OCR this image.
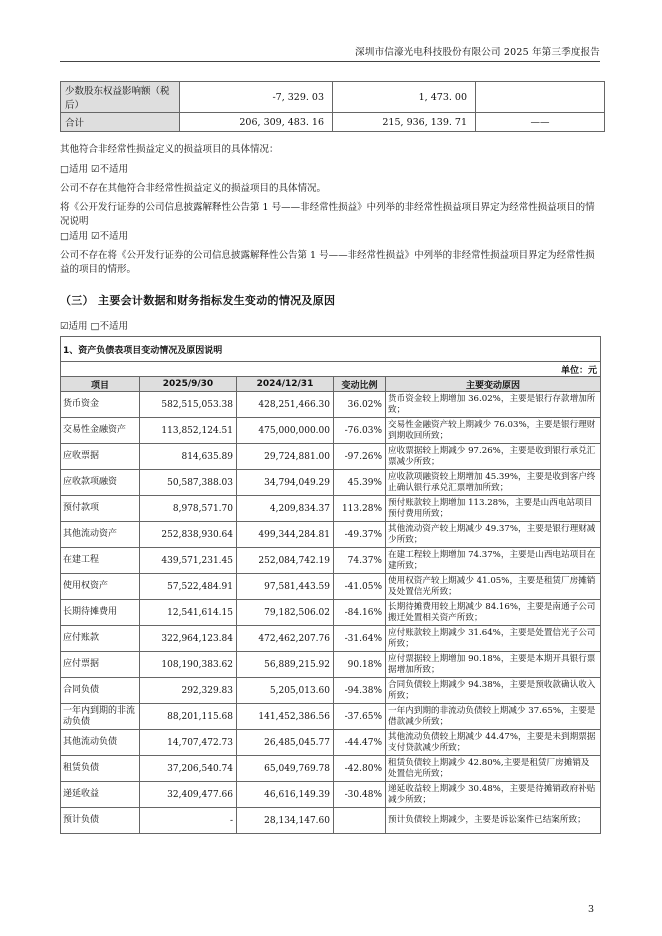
深圳市信濠光电科技股份有限公司 2025 年第三季度报告
少数股东权益影响额（税后）	-7, 329. 03	1, 473. 00	
合计	206, 309, 483. 16	215, 936, 139. 71	——
其他符合非经常性损益定义的损益项目的具体情况：
□适用 ☑不适用
公司不存在其他符合非经常性损益定义的损益项目的具体情况。
将《公开发行证券的公司信息披露解释性公告第 1 号——非经常性损益》中列举的非经常性损益项目界定为经常性损益项目的情况说明
□适用 ☑不适用
公司不存在将《公开发行证券的公司信息披露解释性公告第 1 号——非经常性损益》中列举的非经常性损益项目界定为经常性损益的项目的情形。
（三） 主要会计数据和财务指标发生变动的情况及原因
☑适用 □不适用
1、资产负债表项目变动情况及原因说明				
单位：元				
项目	2025/9/30	2024/12/31	变动比例	主要变动原因
货币资金	582,515,053.38	428,251,466.30	36.02%	货币资金较上期增加 36.02%，主要是银行存款增加所致；
交易性金融资产	113,852,124.51	475,000,000.00	-76.03%	交易性金融资产较上期减少 76.03%，主要是银行理财到期收回所致；
应收票据	814,635.89	29,724,881.00	-97.26%	应收票据较上期减少 97.26%，主要是收到银行承兑汇票减少所致；
应收款项融资	50,587,388.03	34,794,049.29	45.39%	应收款项融资较上期增加 45.39%，主要是收到客户终止确认银行承兑汇票增加所致；
预付款项	8,978,571.70	4,209,834.37	113.28%	预付账款较上期增加 113.28%，主要是山西电站项目预付费用所致；
其他流动资产	252,838,930.64	499,344,284.81	-49.37%	其他流动资产较上期减少 49.37%，主要是银行理财减少所致；
在建工程	439,571,231.45	252,084,742.19	74.37%	在建工程较上期增加 74.37%，主要是山西电站项目在建所致；
使用权资产	57,522,484.91	97,581,443.59	-41.05%	使用权资产较上期减少 41.05%，主要是租赁厂房摊销及处置信光所致；
长期待摊费用	12,541,614.15	79,182,506.02	-84.16%	长期待摊费用较上期减少 84.16%，主要是南通子公司搬迁处置相关资产所致；
应付账款	322,964,123.84	472,462,207.76	-31.64%	应付账款较上期减少 31.64%，主要是处置信光子公司所致；
应付票据	108,190,383.62	56,889,215.92	90.18%	应付票据较上期增加 90.18%，主要是本期开具银行票据增加所致；
合同负债	292,329.83	5,205,013.60	-94.38%	合同负债较上期减少 94.38%，主要是预收款确认收入所致；
一年内到期的非流动负债	88,201,115.68	141,452,386.56	-37.65%	一年内到期的非流动负债较上期减少 37.65%，主要是借款减少所致；
其他流动负债	14,707,472.73	26,485,045.77	-44.47%	其他流动负债较上期减少 44.47%，主要是未到期票据支付贷款减少所致；
租赁负债	37,206,540.74	65,049,769.78	-42.80%	租赁负债较上期减少 42.80%,主要是租赁厂房摊销及处置信光所致；
递延收益	32,409,477.66	46,616,149.39	-30.48%	递延收益较上期减少 30.48%，主要是待摊销政府补贴减少所致；
预计负债	-	28,134,147.60		预计负债较上期减少，主要是诉讼案件已结案所致；
3
